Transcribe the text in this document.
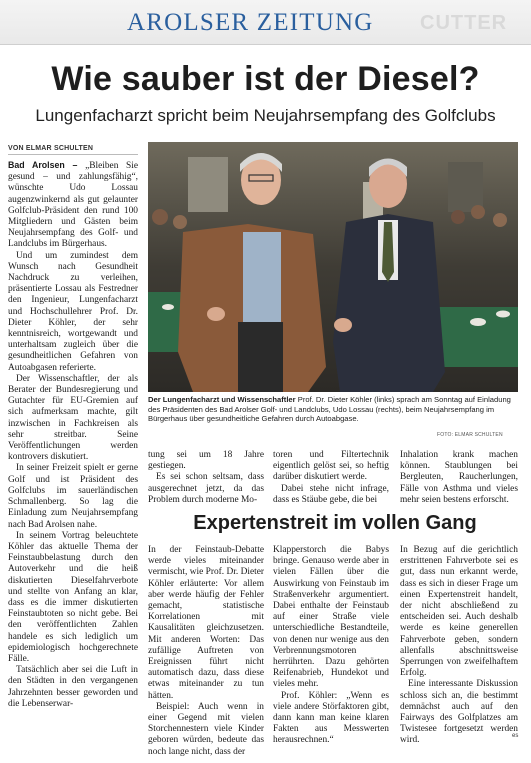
AROLSER ZEITUNG CUTTER
Wie sauber ist der Diesel?
Lungenfacharzt spricht beim Neujahrsempfang des Golfclubs
VON ELMAR SCHULTEN

Bad Arolsen – „Bleiben Sie gesund – und zahlungsfähig“, wünschte Udo Lossau augenzwinkernd als gut gelaunter Golfclub-Präsident den rund 100 Mitgliedern und Gästen beim Neujahrsempfang des Golf- und Landclubs im Bürgerhaus.

Und um zumindest dem Wunsch nach Gesundheit Nachdruck zu verleihen, präsentierte Lossau als Festredner den Ingenieur, Lungenfacharzt und Hochschullehrer Prof. Dr. Dieter Köhler, der sehr kenntnisreich, wortgewandt und unterhaltsam zugleich über die gesundheitlichen Gefahren von Autoabgasen referierte.

Der Wissenschaftler, der als Berater der Bundesregierung und Gutachter für EU-Gremien auf sich aufmerksam machte, gilt inzwischen in Fachkreisen als sehr streitbar. Seine Veröffentlichungen werden kontrovers diskutiert.

In seiner Freizeit spielt er gerne Golf und ist Präsident des Golfclubs im sauerländischen Schmallenberg. So lag die Einladung zum Neujahrsempfang nach Bad Arolsen nahe.

In seinem Vortrag beleuchtete Köhler das aktuelle Thema der Feinstaubbelastung durch den Autoverkehr und die heiß diskutierten Dieselfahrverbote und stellte von Anfang an klar, dass es die immer diskutierten Feinstaubtoten so nicht gebe. Bei den veröffentlichten Zahlen handele es sich lediglich um epidemiologisch hochgerechnete Fälle.

Tatsächlich aber sei die Luft in den Städten in den vergangenen Jahrzehnten besser geworden und die Lebenserwar-

Der Lungenfacharzt und Wissenschaftler Prof. Dr. Dieter Köhler (links) sprach am Sonntag auf Einladung des Präsidenten des Bad Arolser Golf- und Landclubs, Udo Lossau (rechts), beim Neujahrsempfang im Bürgerhaus über gesundheitliche Gefahren durch Autoabgase.
FOTO: ELMAR SCHULTEN

tung sei um 18 Jahre gestiegen.

Es sei schon seltsam, dass ausgerechnet jetzt, da das Problem durch moderne Mo-

toren und Filtertechnik eigentlich gelöst sei, so heftig darüber diskutiert werde.

Dabei stehe nicht infrage, dass es Stäube gebe, die bei

Inhalation krank machen können. Staublungen bei Bergleuten, Raucherlungen, Fälle von Asthma und vieles mehr seien bestens erforscht.

Expertenstreit im vollen Gang

In der Feinstaub-Debatte werde vieles miteinander vermischt, wie Prof. Dr. Dieter Köhler erläuterte: Vor allem aber werde häufig der Fehler gemacht, statistische Korrelationen mit Kausalitäten gleichzusetzen. Mit anderen Worten: Das zufällige Auftreten von Ereignissen führt nicht automatisch dazu, dass diese etwas miteinander zu tun hätten.

Beispiel: Auch wenn in einer Gegend mit vielen Storchennestern viele Kinder geboren würden, bedeute das noch lange nicht, dass der

Klapperstorch die Babys bringe. Genauso werde aber in vielen Fällen über die Auswirkung von Feinstaub im Straßenverkehr argumentiert. Dabei enthalte der Feinstaub auf einer Straße viele unterschiedliche Bestandteile, von denen nur wenige aus den Verbrennungsmotoren herrührten. Dazu gehörten Reifenabrieb, Hundekot und vieles mehr.

Prof. Köhler: „Wenn es viele andere Störfaktoren gibt, dann kann man keine klaren Fakten aus Messwerten herausrechnen.“

In Bezug auf die gerichtlich erstrittenen Fahrverbote sei es gut, dass nun erkannt werde, dass es sich in dieser Frage um einen Expertenstreit handelt, der nicht abschließend zu entscheiden sei. Auch deshalb werde es keine generellen Fahrverbote geben, sondern allenfalls abschnittsweise Sperrungen von zweifelhaftem Erfolg.

Eine interessante Diskussion schloss sich an, die bestimmt demnächst auch auf den Fairways des Golfplatzes am Twistesee fortgesetzt werden wird.	es
